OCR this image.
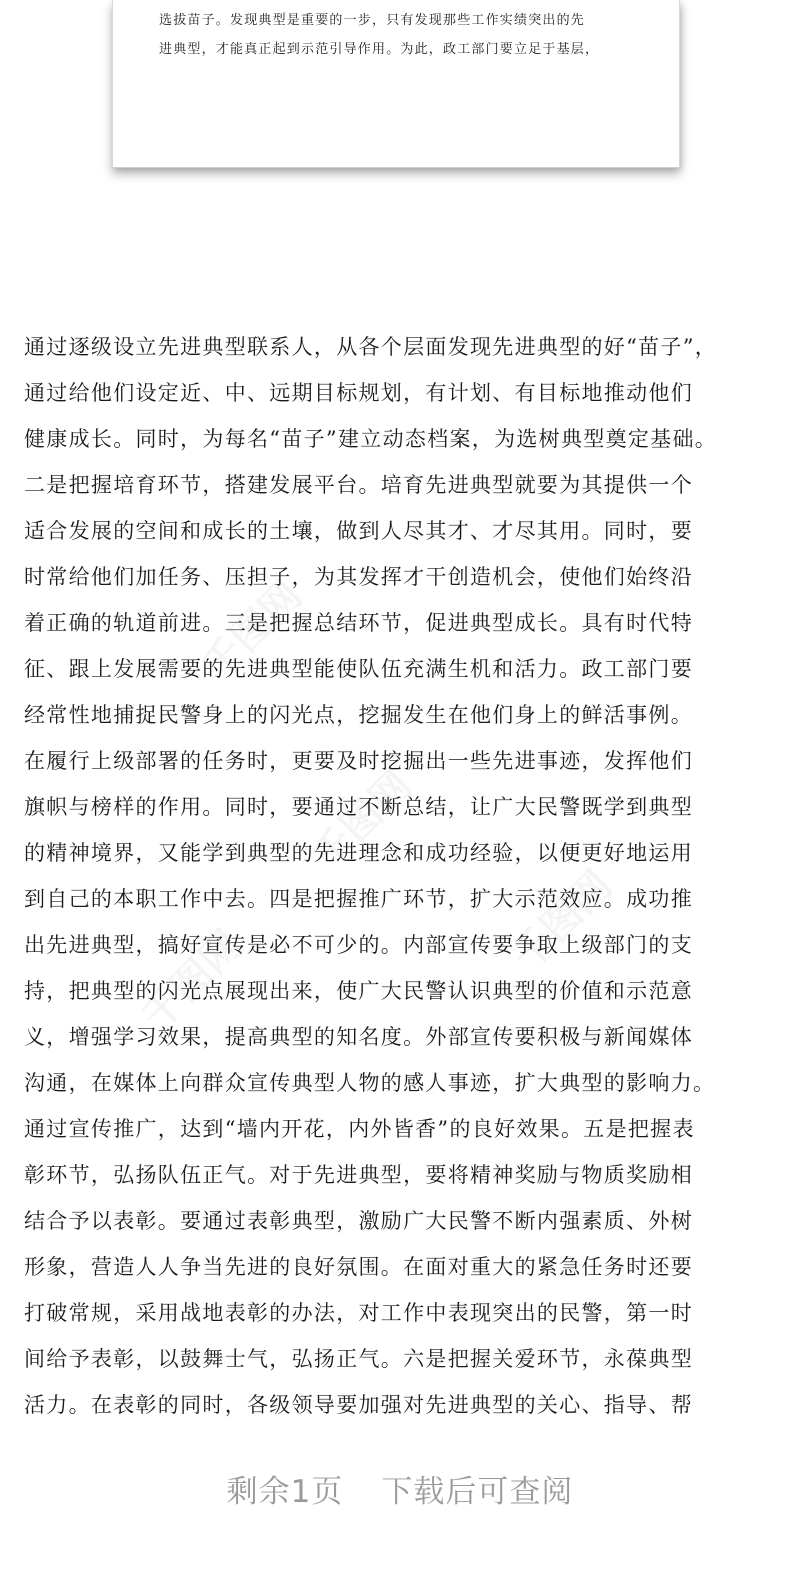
选拔苗子。发现典型是重要的一步，只有发现那些工作实绩突出的先
进典型，才能真正起到示范引导作用。为此，政工部门要立足于基层，
通过逐级设立先进典型联系人，从各个层面发现先进典型的好“苗子”，
通过给他们设定近、中、远期目标规划，有计划、有目标地推动他们
健康成长。同时，为每名“苗子”建立动态档案，为选树典型奠定基础。
二是把握培育环节，搭建发展平台。培育先进典型就要为其提供一个
适合发展的空间和成长的土壤，做到人尽其才、才尽其用。同时，要
时常给他们加任务、压担子，为其发挥才干创造机会，使他们始终沿
着正确的轨道前进。三是把握总结环节，促进典型成长。具有时代特
征、跟上发展需要的先进典型能使队伍充满生机和活力。政工部门要
经常性地捕捉民警身上的闪光点，挖掘发生在他们身上的鲜活事例。
在履行上级部署的任务时，更要及时挖掘出一些先进事迹，发挥他们
旗帜与榜样的作用。同时，要通过不断总结，让广大民警既学到典型
的精神境界，又能学到典型的先进理念和成功经验，以便更好地运用
到自己的本职工作中去。四是把握推广环节，扩大示范效应。成功推
出先进典型，搞好宣传是必不可少的。内部宣传要争取上级部门的支
持，把典型的闪光点展现出来，使广大民警认识典型的价值和示范意
义，增强学习效果，提高典型的知名度。外部宣传要积极与新闻媒体
沟通，在媒体上向群众宣传典型人物的感人事迹，扩大典型的影响力。
通过宣传推广，达到“墙内开花，内外皆香”的良好效果。五是把握表
彰环节，弘扬队伍正气。对于先进典型，要将精神奖励与物质奖励相
结合予以表彰。要通过表彰典型，激励广大民警不断内强素质、外树
形象，营造人人争当先进的良好氛围。在面对重大的紧急任务时还要
打破常规，采用战地表彰的办法，对工作中表现突出的民警，第一时
间给予表彰，以鼓舞士气，弘扬正气。六是把握关爱环节，永葆典型
活力。在表彰的同时，各级领导要加强对先进典型的关心、指导、帮
剩余1页 下载后可查阅
